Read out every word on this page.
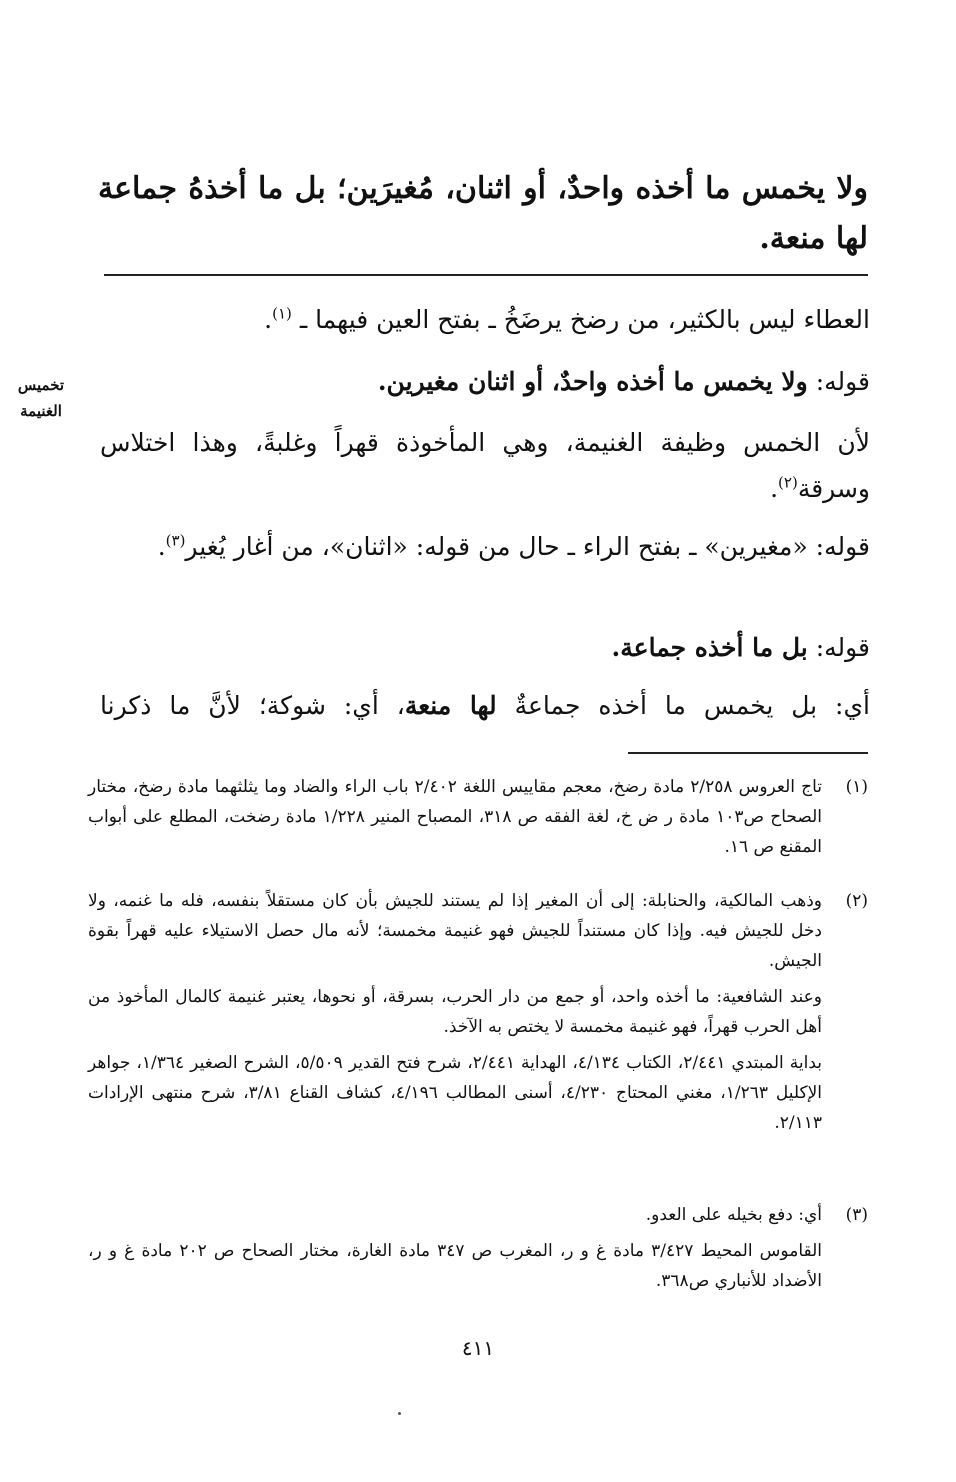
ولا يخمس ما أخذه واحدٌ، أو اثنان، مُغيرَين؛ بل ما أخذهُ جماعة
لها منعة.
العطاء ليس بالكثير، من رضخ يرضَخُ ـ بفتح العين فيهما ـ $^{(١)}$.
قوله: ولا يخمس ما أخذه واحدٌ، أو اثنان مغيرين.
تخميس
الغنيمة
لأن الخمس وظيفة الغنيمة، وهي المأخوذة قهراً وغلبةً، وهذا اختلاس وسرقة$^{(٢)}$.
قوله: «مغيرين» ـ بفتح الراء ـ حال من قوله: «اثنان»، من أغار يُغير$^{(٣)}$.
قوله: بل ما أخذه جماعة.
أي: بل يخمس ما أخذه جماعةٌ لها منعة، أي: شوكة؛ لأنَّ ما ذكرنا
(١)

تاج العروس ٢/٢٥٨ مادة رضخ، معجم مقاييس اللغة ٢/٤٠٢ باب الراء والضاد وما يثلثهما مادة رضخ، مختار الصحاح ص١٠٣ مادة ر ض خ، لغة الفقه ص ٣١٨، المصباح المنير ١/٢٢٨ مادة رضخت، المطلع على أبواب المقنع ص ١٦.

(٢)

وذهب المالكية، والحنابلة: إلى أن المغير إذا لم يستند للجيش بأن كان مستقلاً بنفسه، فله ما غنمه، ولا دخل للجيش فيه. وإذا كان مستنداً للجيش فهو غنيمة مخمسة؛ لأنه مال حصل الاستيلاء عليه قهراً بقوة الجيش.

وعند الشافعية: ما أخذه واحد، أو جمع من دار الحرب، بسرقة، أو نحوها، يعتبر غنيمة كالمال المأخوذ من أهل الحرب قهراً، فهو غنيمة مخمسة لا يختص به الآخذ.

بداية المبتدي ٢/٤٤١، الكتاب ٤/١٣٤، الهداية ٢/٤٤١، شرح فتح القدير ٥/٥٠٩، الشرح الصغير ١/٣٦٤، جواهر الإكليل ١/٢٦٣، مغني المحتاج ٤/٢٣٠، أسنى المطالب ٤/١٩٦، كشاف القناع ٣/٨١، شرح منتهى الإرادات ٢/١١٣.

(٣)

أي: دفع بخيله على العدو.

القاموس المحيط ٣/٤٢٧ مادة غ و ر، المغرب ص ٣٤٧ مادة الغارة، مختار الصحاح ص ٢٠٢ مادة غ و ر، الأضداد للأنباري ص٣٦٨.

٤١١
